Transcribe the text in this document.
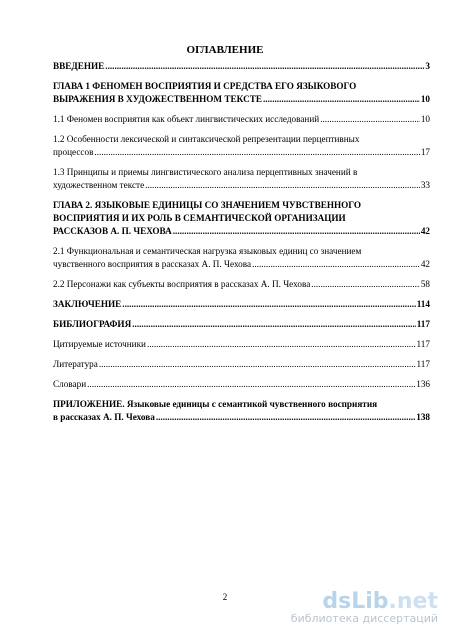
ОГЛАВЛЕНИЕ
ВВЕДЕНИЕ .....	3
ГЛАВА 1 ФЕНОМЕН ВОСПРИЯТИЯ И СРЕДСТВА ЕГО ЯЗЫКОВОГО
ВЫРАЖЕНИЯ В ХУДОЖЕСТВЕННОМ ТЕКСТЕ .....	10
1.1 Феномен восприятия как объект лингвистических исследований .....	10
1.2 Особенности лексической и синтаксической репрезентации перцептивных
процессов .....	17
1.3 Принципы и приемы лингвистического анализа перцептивных значений в
художественном тексте .....	33
ГЛАВА 2. ЯЗЫКОВЫЕ ЕДИНИЦЫ СО ЗНАЧЕНИЕМ ЧУВСТВЕННОГО
ВОСПРИЯТИЯ И ИХ РОЛЬ В СЕМАНТИЧЕСКОЙ ОРГАНИЗАЦИИ
РАССКАЗОВ А. П. ЧЕХОВА .....	42
2.1 Функциональная и семантическая нагрузка языковых единиц со значением
чувственного восприятия в рассказах А. П. Чехова .....	42
2.2 Персонажи как субъекты восприятия в рассказах А. П. Чехова .....	58
ЗАКЛЮЧЕНИЕ .....	114
БИБЛИОГРАФИЯ .....	117
Цитируемые источники .....	117
Литература .....	117
Словари .....	136
ПРИЛОЖЕНИЕ. Языковые единицы с семантикой чувственного восприятия
в рассказах А. П. Чехова .....	138
2	dsLib.net
библиотека диссертаций
